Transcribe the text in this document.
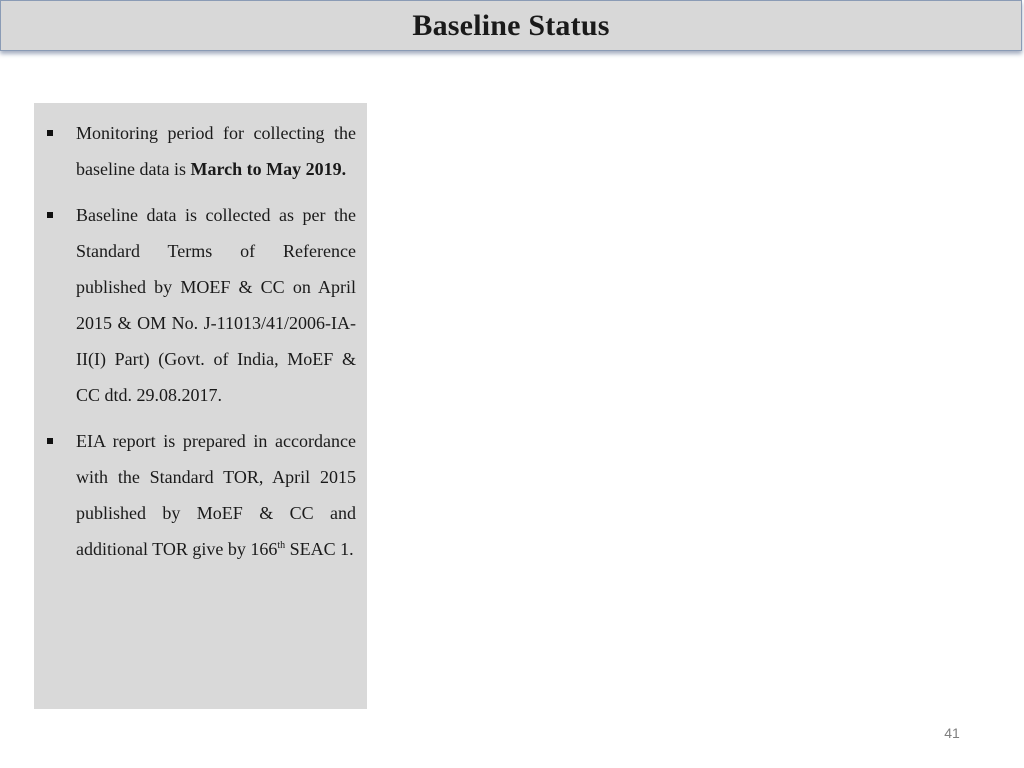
Baseline Status
Monitoring period for collecting the baseline data is March to May 2019.
Baseline data is collected as per the Standard Terms of Reference published by MOEF & CC on April 2015 & OM No. J-11013/41/2006-IA-II(I) Part) (Govt. of India, MoEF & CC dtd. 29.08.2017.
EIA report is prepared in accordance with the Standard TOR, April 2015 published by MoEF & CC and additional TOR give by 166th SEAC 1.
41
